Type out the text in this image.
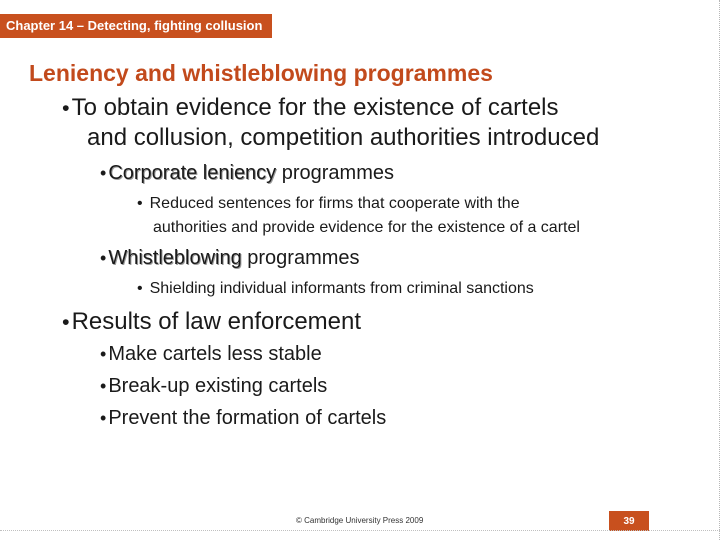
Chapter 14 – Detecting, fighting collusion
Leniency and whistleblowing programmes
•To obtain evidence for the existence of cartels
and collusion, competition authorities introduced
• Corporate leniency programmes
• Reduced sentences for firms that cooperate with the
authorities and provide evidence for the existence of a cartel
• Whistleblowing programmes
• Shielding individual informants from criminal sanctions
•Results of law enforcement
• Make cartels less stable
• Break-up existing cartels
• Prevent the formation of cartels
© Cambridge University Press 2009	39
